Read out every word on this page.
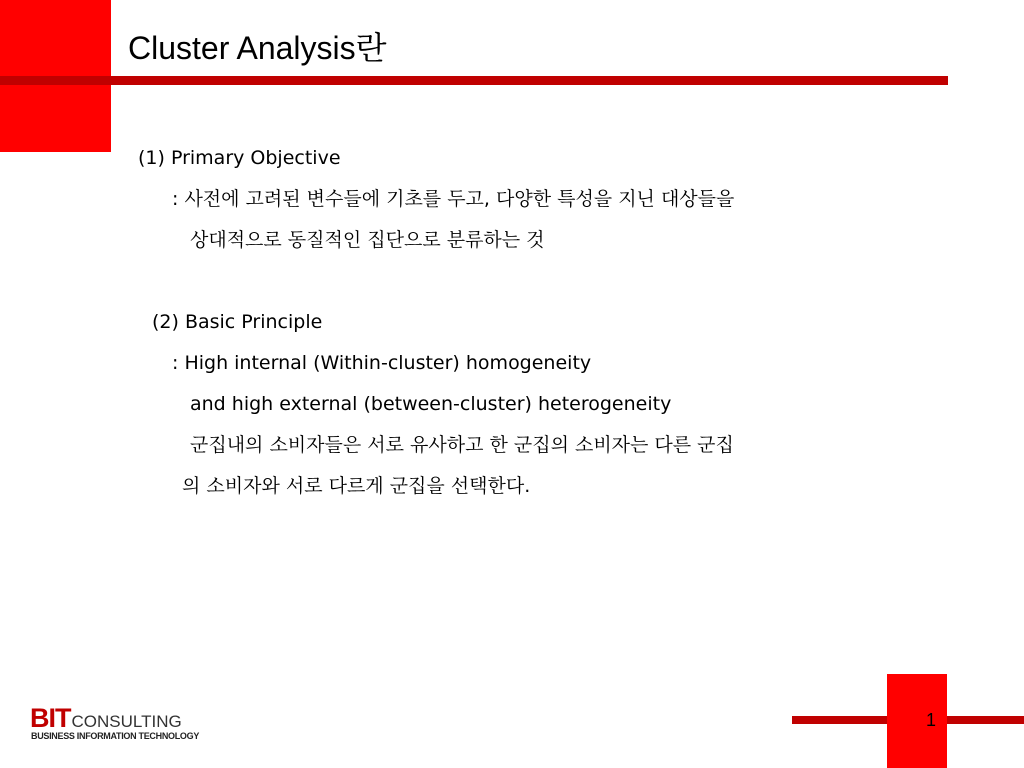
Cluster Analysis란
(1) Primary Objective
: 사전에 고려된 변수들에 기초를 두고, 다양한 특성을 지닌 대상들을
상대적으로 동질적인 집단으로 분류하는 것
(2) Basic Principle
: High internal (Within-cluster) homogeneity
and high external (between-cluster) heterogeneity
군집내의 소비자들은 서로 유사하고 한 군집의 소비자는 다른 군집
의 소비자와 서로 다르게 군집을 선택한다.
1
BITCONSULTING
BUSINESS INFORMATION TECHNOLOGY
